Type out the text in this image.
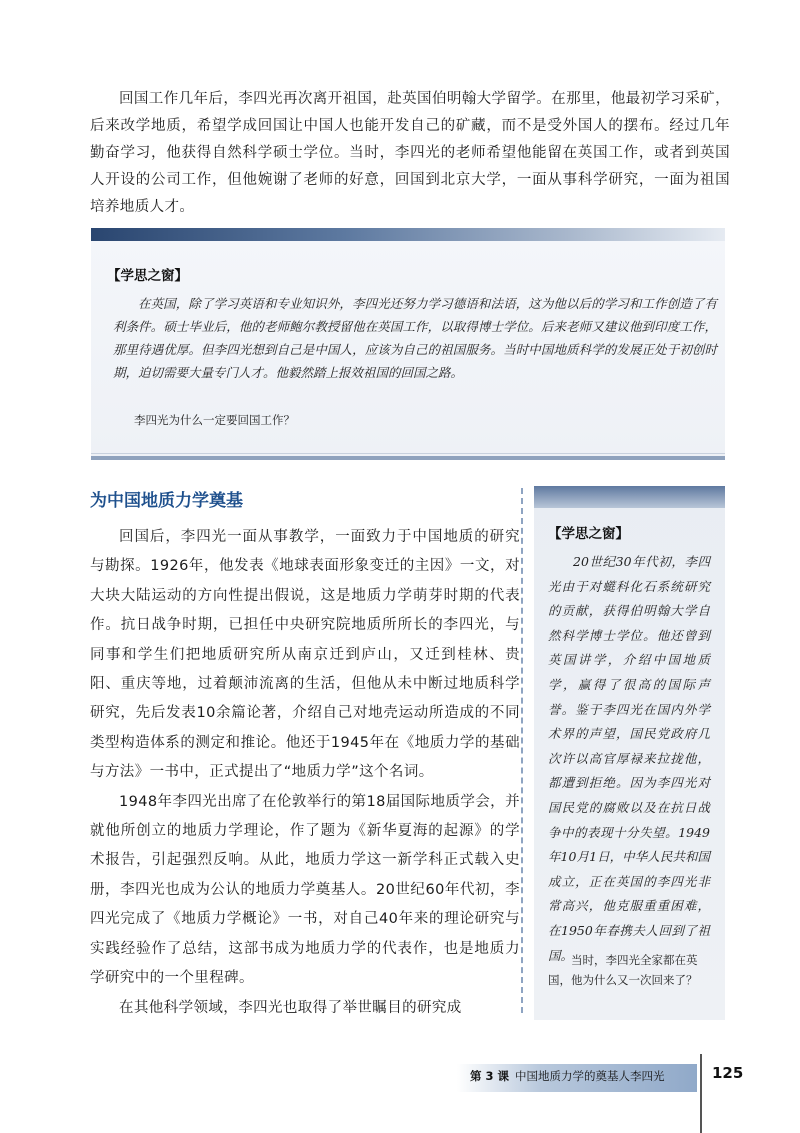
回国工作几年后，李四光再次离开祖国，赴英国伯明翰大学留学。在那里，他最初学习采矿，后来改学地质，希望学成回国让中国人也能开发自己的矿藏，而不是受外国人的摆布。经过几年勤奋学习，他获得自然科学硕士学位。当时，李四光的老师希望他能留在英国工作，或者到英国人开设的公司工作，但他婉谢了老师的好意，回国到北京大学，一面从事科学研究，一面为祖国培养地质人才。

【学思之窗】

在英国，除了学习英语和专业知识外，李四光还努力学习德语和法语，这为他以后的学习和工作创造了有利条件。硕士毕业后，他的老师鲍尔教授留他在英国工作，以取得博士学位。后来老师又建议他到印度工作，那里待遇优厚。但李四光想到自己是中国人，应该为自己的祖国服务。当时中国地质科学的发展正处于初创时期，迫切需要大量专门人才。他毅然踏上报效祖国的回国之路。

李四光为什么一定要回国工作？
为中国地质力学奠基

回国后，李四光一面从事教学，一面致力于中国地质的研究与勘探。1926年，他发表《地球表面形象变迁的主因》一文，对大块大陆运动的方向性提出假说，这是地质力学萌芽时期的代表作。抗日战争时期，已担任中央研究院地质所所长的李四光，与同事和学生们把地质研究所从南京迁到庐山，又迁到桂林、贵阳、重庆等地，过着颠沛流离的生活，但他从未中断过地质科学研究，先后发表10余篇论著，介绍自己对地壳运动所造成的不同类型构造体系的测定和推论。他还于1945年在《地质力学的基础与方法》一书中，正式提出了“地质力学”这个名词。

1948年李四光出席了在伦敦举行的第18届国际地质学会，并就他所创立的地质力学理论，作了题为《新华夏海的起源》的学术报告，引起强烈反响。从此，地质力学这一新学科正式载入史册，李四光也成为公认的地质力学奠基人。20世纪60年代初，李四光完成了《地质力学概论》一书，对自己40年来的理论研究与实践经验作了总结，这部书成为地质力学的代表作，也是地质力学研究中的一个里程碑。

在其他科学领域，李四光也取得了举世瞩目的研究成

【学思之窗】

20世纪30年代初，李四光由于对䗴科化石系统研究的贡献，获得伯明翰大学自然科学博士学位。他还曾到英国讲学，介绍中国地质学，赢得了很高的国际声誉。鉴于李四光在国内外学术界的声望，国民党政府几次许以高官厚禄来拉拢他，都遭到拒绝。因为李四光对国民党的腐败以及在抗日战争中的表现十分失望。1949年10月1日，中华人民共和国成立，正在英国的李四光非常高兴，他克服重重困难，在1950年春携夫人回到了祖国。

当时，李四光全家都在英国，他为什么又一次回来了？

第 3 课 中国地质力学的奠基人李四光	125
